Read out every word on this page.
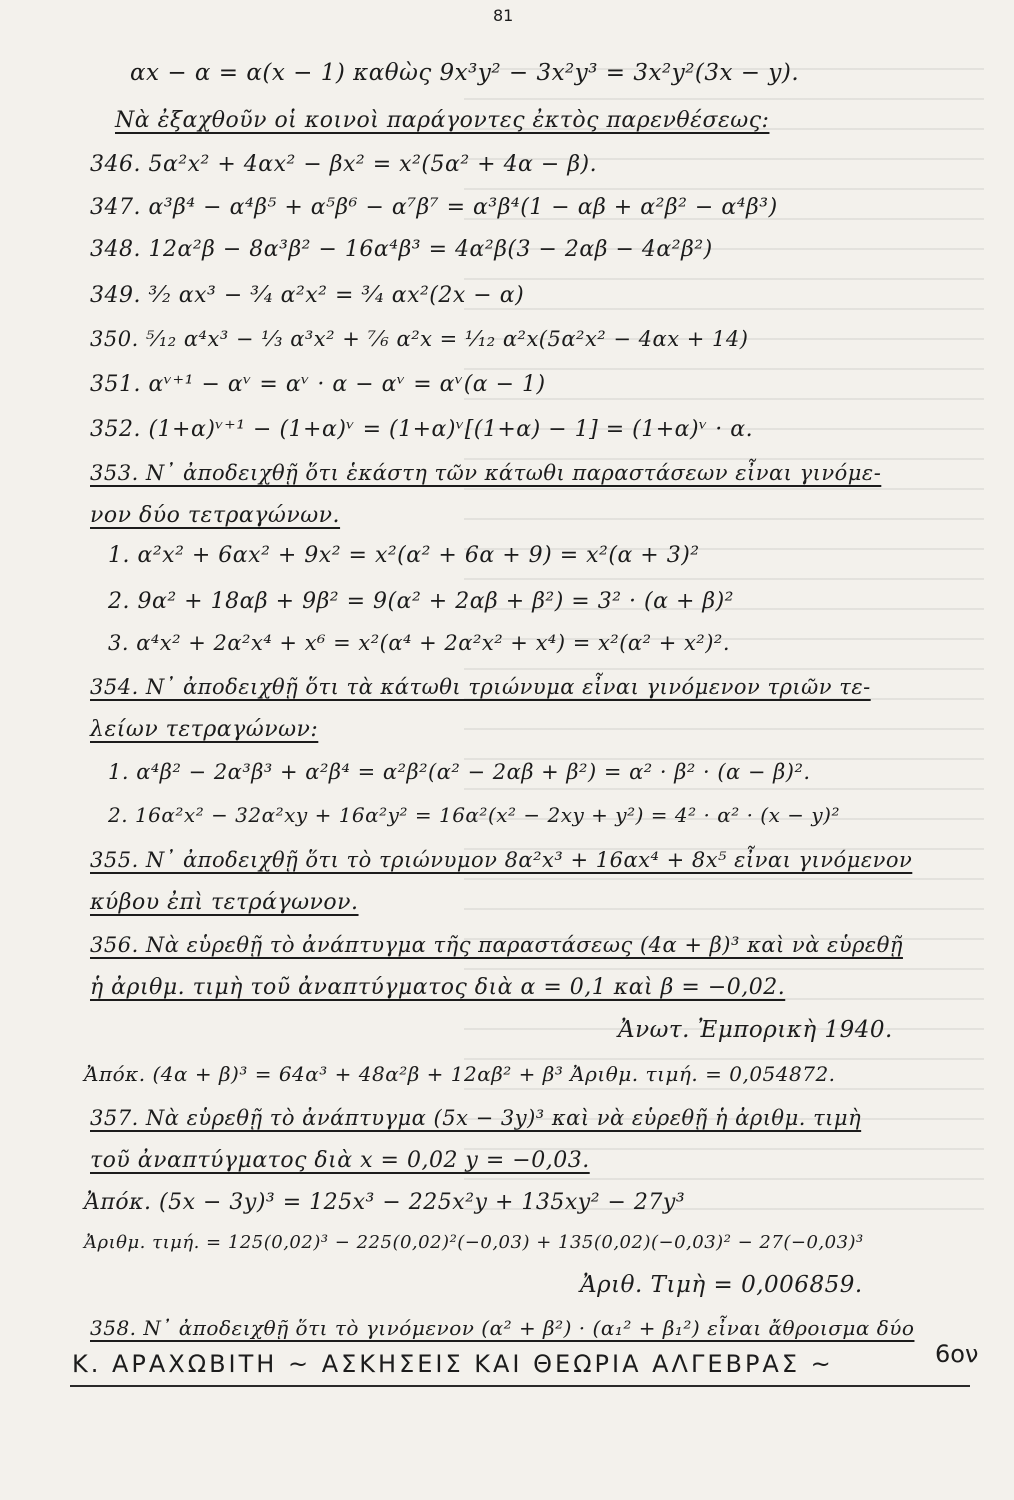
81
αx − α = α(x − 1) καθὼς 9x³y² − 3x²y³ = 3x²y²(3x − y).
Νὰ ἐξαχθοῦν οἱ κοινοὶ παράγοντες ἐκτὸς παρενθέσεως:
346. 5α²x² + 4αx² − βx² = x²(5α² + 4α − β).
347. α³β⁴ − α⁴β⁵ + α⁵β⁶ − α⁷β⁷ = α³β⁴(1 − αβ + α²β² − α⁴β³)
348. 12α²β − 8α³β² − 16α⁴β³ = 4α²β(3 − 2αβ − 4α²β²)
349. ³⁄₂ αx³ − ³⁄₄ α²x² = ³⁄₄ αx²(2x − α)
350. ⁵⁄₁₂ α⁴x³ − ¹⁄₃ α³x² + ⁷⁄₆ α²x = ¹⁄₁₂ α²x(5α²x² − 4αx + 14)
351. αᵛ⁺¹ − αᵛ = αᵛ · α − αᵛ = αᵛ(α − 1)
352. (1+α)ᵛ⁺¹ − (1+α)ᵛ = (1+α)ᵛ[(1+α) − 1] = (1+α)ᵛ · α.
353. Ν᾽ ἀποδειχθῇ ὅτι ἑκάστη τῶν κάτωθι παραστάσεων εἶναι γινόμε-
νον δύο τετραγώνων.
1. α²x² + 6αx² + 9x² = x²(α² + 6α + 9) = x²(α + 3)²
2. 9α² + 18αβ + 9β² = 9(α² + 2αβ + β²) = 3² · (α + β)²
3. α⁴x² + 2α²x⁴ + x⁶ = x²(α⁴ + 2α²x² + x⁴) = x²(α² + x²)².
354. Ν᾽ ἀποδειχθῇ ὅτι τὰ κάτωθι τριώνυμα εἶναι γινόμενον τριῶν τε-
λείων τετραγώνων:
1. α⁴β² − 2α³β³ + α²β⁴ = α²β²(α² − 2αβ + β²) = α² · β² · (α − β)².
2. 16α²x² − 32α²xy + 16α²y² = 16α²(x² − 2xy + y²) = 4² · α² · (x − y)²
355. Ν᾽ ἀποδειχθῇ ὅτι τὸ τριώνυμον 8α²x³ + 16αx⁴ + 8x⁵ εἶναι γινόμενον
κύβου ἐπὶ τετράγωνον.
356. Νὰ εὑρεθῇ τὸ ἀνάπτυγμα τῆς παραστάσεως (4α + β)³ καὶ νὰ εὑρεθῇ
ἡ ἀριθμ. τιμὴ τοῦ ἀναπτύγματος διὰ α = 0,1 καὶ β = −0,02.
Ἀνωτ. Ἐμπορικὴ 1940.
Ἀπόκ. (4α + β)³ = 64α³ + 48α²β + 12αβ² + β³ Ἀριθμ. τιμή. = 0,054872.
357. Νὰ εὑρεθῇ τὸ ἀνάπτυγμα (5x − 3y)³ καὶ νὰ εὑρεθῇ ἡ ἀριθμ. τιμὴ
τοῦ ἀναπτύγματος διὰ x = 0,02 y = −0,03.
Ἀπόκ. (5x − 3y)³ = 125x³ − 225x²y + 135xy² − 27y³
Ἀριθμ. τιμή. = 125(0,02)³ − 225(0,02)²(−0,03) + 135(0,02)(−0,03)² − 27(−0,03)³
Ἀριθ. Τιμὴ = 0,006859.
358. Ν᾽ ἀποδειχθῇ ὅτι τὸ γινόμενον (α² + β²) · (α₁² + β₁²) εἶναι ἄθροισμα δύο
Κ. ΑΡΑΧΩΒΙΤΗ ~ ΑΣΚΗΣΕΙΣ ΚΑΙ ΘΕΩΡΙΑ ΑΛΓΕΒΡΑΣ ~	6ον
